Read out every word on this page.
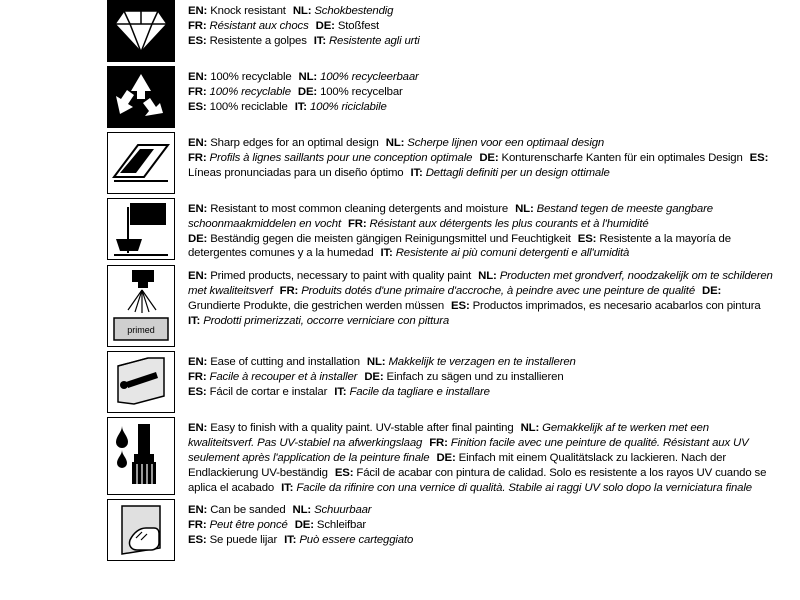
EN: Knock resistant NL: Schokbestendig
FR: Résistant aux chocs DE: Stoßfest
ES: Resistente a golpes IT: Resistente agli urti
EN: 100% recyclable NL: 100% recycleerbaar
FR: 100% recyclable DE: 100% recycelbar
ES: 100% reciclable IT: 100% riciclabile
EN: Sharp edges for an optimal design NL: Scherpe lijnen voor een optimaal design
FR: Profils à lignes saillants pour une conception optimale DE: Konturenscharfe Kanten für ein optimales Design ES: Líneas pronunciadas para un diseño óptimo IT: Dettagli definiti per un design ottimale
EN: Resistant to most common cleaning detergents and moisture NL: Bestand tegen de meeste gangbare schoonmaakmiddelen en vocht FR: Résistant aux détergents les plus courants et à l'humidité
DE: Beständig gegen die meisten gängigen Reinigungsmittel und Feuchtigkeit ES: Resistente a la mayoría de detergentes comunes y a la humedad IT: Resistente ai più comuni detergenti e all'umidità
primed
EN: Primed products, necessary to paint with quality paint NL: Producten met grondverf, noodzakelijk om te schilderen met kwaliteitsverf FR: Produits dotés d'une primaire d'accroche, à peindre avec une peinture de qualité DE: Grundierte Produkte, die gestrichen werden müssen ES: Productos imprimados, es necesario acabarlos con pinturaIT: Prodotti primerizzati, occorre verniciare con pittura
EN: Ease of cutting and installation NL: Makkelijk te verzagen en te installeren
FR: Facile à recouper et à installer DE: Einfach zu sägen und zu installieren
ES: Fácil de cortar e instalar IT: Facile da tagliare e installare
EN: Easy to finish with a quality paint. UV-stable after final painting NL: Gemakkelijk af te werken met een kwaliteitsverf. Pas UV-stabiel na afwerkingslaag FR: Finition facile avec une peinture de qualité. Résistant aux UV seulement après l'application de la peinture finale DE: Einfach mit einem Qualitätslack zu lackieren. Nach der Endlackierung UV-beständig ES: Fácil de acabar con pintura de calidad. Solo es resistente a los rayos UV cuando se aplica el acabado IT: Facile da rifinire con una vernice di qualità. Stabile ai raggi UV solo dopo la verniciatura finale
EN: Can be sanded NL: Schuurbaar
FR: Peut être poncé DE: Schleifbar
ES: Se puede lijar IT: Può essere carteggiato
